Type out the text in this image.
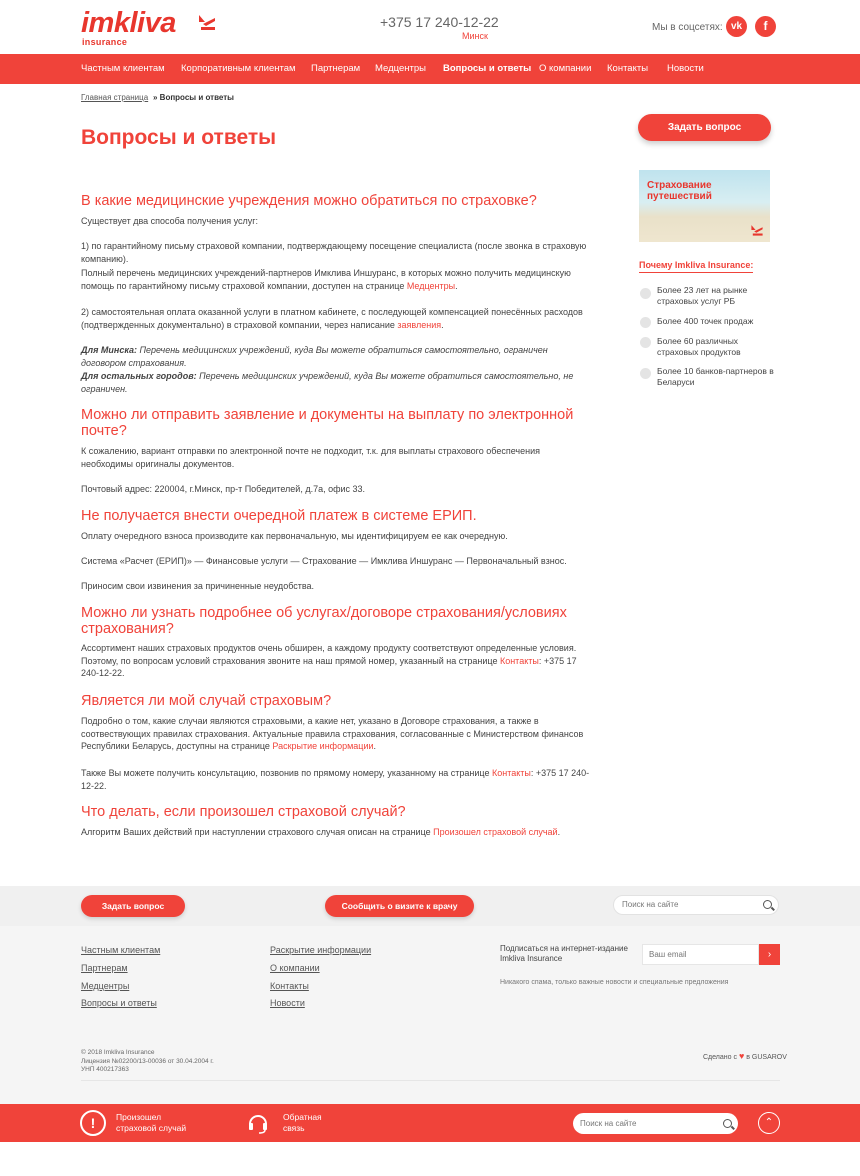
imkliva
insurance
+375 17 240-12-22
Минск
Мы в соцсетях: vk	f
Частным клиентам Корпоративным клиентам Партнерам Медцентры Вопросы и ответы О компании Контакты Новости
Главная страница » Вопросы и ответы
Вопросы и ответы
В какие медицинские учреждения можно обратиться по страховке?
Существует два способа получения услуг:
1) по гарантийному письму страховой компании, подтверждающему посещение специалиста (после звонка в страховую компанию).
Полный перечень медицинских учреждений-партнеров Имклива Иншуранс, в которых можно получить медицинскую помощь по гарантийному письму страховой компании, доступен на странице Медцентры.
2) самостоятельная оплата оказанной услуги в платном кабинете, с последующей компенсацией понесённых расходов (подтвержденных документально) в страховой компании, через написание заявления.
Для Минска: Перечень медицинских учреждений, куда Вы можете обратиться самостоятельно, ограничен договором страхования.
Для остальных городов: Перечень медицинских учреждений, куда Вы можете обратиться самостоятельно, не ограничен.
Можно ли отправить заявление и документы на выплату по электронной почте?
К сожалению, вариант отправки по электронной почте не подходит, т.к. для выплаты страхового обеспечения необходимы оригиналы документов.
Почтовый адрес: 220004, г.Минск, пр-т Победителей, д.7а, офис 33.
Не получается внести очередной платеж в системе ЕРИП.
Оплату очередного взноса производите как первоначальную, мы идентифицируем ее как очередную.
Система «Расчет (ЕРИП)» — Финансовые услуги — Страхование — Имклива Иншуранс — Первоначальный взнос.
Приносим свои извинения за причиненные неудобства.
Можно ли узнать подробнее об услугах/договоре страхования/условиях страхования?
Ассортимент наших страховых продуктов очень обширен, а каждому продукту соответствуют определенные условия. Поэтому, по вопросам условий страхования звоните на наш прямой номер, указанный на странице Контакты: +375 17 240-12-22.
Является ли мой случай страховым?
Подробно о том, какие случаи являются страховыми, а какие нет, указано в Договоре страхования, а также в соотвествующих правилах страхования. Актуальные правила страхования, согласованные с Министерством финансов Республики Беларусь, доступны на странице Раскрытие информации.
Также Вы можете получить консультацию, позвонив по прямому номеру, указанному на странице Контакты: +375 17 240-12-22.
Что делать, если произошел страховой случай?
Алгоритм Ваших действий при наступлении страхового случая описан на странице Произошел страховой случай.
Задать вопрос
Страхование путешествий
Почему Imkliva Insurance:
Более 23 лет на рынке страховых услуг РБ
Более 400 точек продаж
Более 60 различных страховых продуктов
Более 10 банков-партнеров в Беларуси
Задать вопрос	Сообщить о визите к врачу	Поиск на сайте
Частным клиентам
Партнерам
Медцентры
Вопросы и ответы
Раскрытие информации
О компании
Контакты
Новости
Подписаться на интернет-издание Imkliva Insurance	Ваш email	›
Никакого спама, только важные новости и специальные предложения
© 2018 Imkliva Insurance
Лицензия №02200/13-00036 от 30.04.2004 г.
УНП 400217363
Сделано с ♥ в GUSAROV
!	Произошел страховой случай
Обратная связь	Поиск на сайте	⌃
